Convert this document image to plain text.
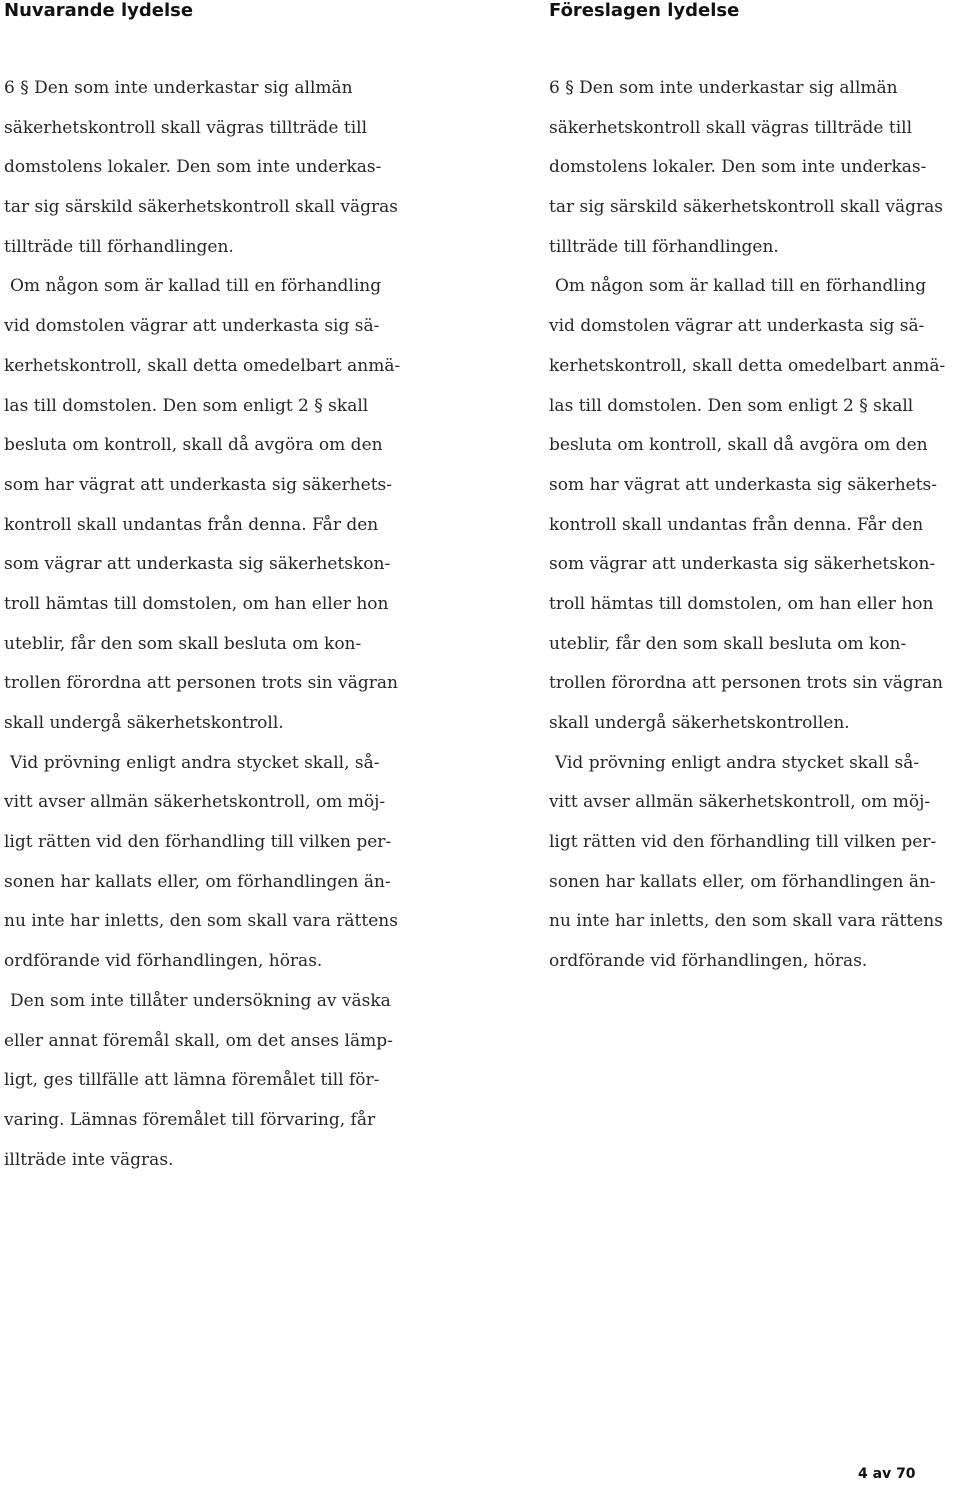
Nuvarande lydelse
6 § Den som inte underkastar sig allmän
säkerhetskontroll skall vägras tillträde till
domstolens lokaler. Den som inte underkas-
tar sig särskild säkerhetskontroll skall vägras
tillträde till förhandlingen.
Om någon som är kallad till en förhandling
vid domstolen vägrar att underkasta sig sä-
kerhetskontroll, skall detta omedelbart anmä-
las till domstolen. Den som enligt 2 § skall
besluta om kontroll, skall då avgöra om den
som har vägrat att underkasta sig säkerhets-
kontroll skall undantas från denna. Får den
som vägrar att underkasta sig säkerhetskon-
troll hämtas till domstolen, om han eller hon
uteblir, får den som skall besluta om kon-
trollen förordna att personen trots sin vägran
skall undergå säkerhetskontroll.
Vid prövning enligt andra stycket skall, så-
vitt avser allmän säkerhetskontroll, om möj-
ligt rätten vid den förhandling till vilken per-
sonen har kallats eller, om förhandlingen än-
nu inte har inletts, den som skall vara rättens
ordförande vid förhandlingen, höras.
Den som inte tillåter undersökning av väska
eller annat föremål skall, om det anses lämp-
ligt, ges tillfälle att lämna föremålet till för-
varing. Lämnas föremålet till förvaring, får
illträde inte vägras.
Föreslagen lydelse
6 § Den som inte underkastar sig allmän
säkerhetskontroll skall vägras tillträde till
domstolens lokaler. Den som inte underkas-
tar sig särskild säkerhetskontroll skall vägras
tillträde till förhandlingen.
Om någon som är kallad till en förhandling
vid domstolen vägrar att underkasta sig sä-
kerhetskontroll, skall detta omedelbart anmä-
las till domstolen. Den som enligt 2 § skall
besluta om kontroll, skall då avgöra om den
som har vägrat att underkasta sig säkerhets-
kontroll skall undantas från denna. Får den
som vägrar att underkasta sig säkerhetskon-
troll hämtas till domstolen, om han eller hon
uteblir, får den som skall besluta om kon-
trollen förordna att personen trots sin vägran
skall undergå säkerhetskontrollen.
Vid prövning enligt andra stycket skall så-
vitt avser allmän säkerhetskontroll, om möj-
ligt rätten vid den förhandling till vilken per-
sonen har kallats eller, om förhandlingen än-
nu inte har inletts, den som skall vara rättens
ordförande vid förhandlingen, höras.
4 av 70
